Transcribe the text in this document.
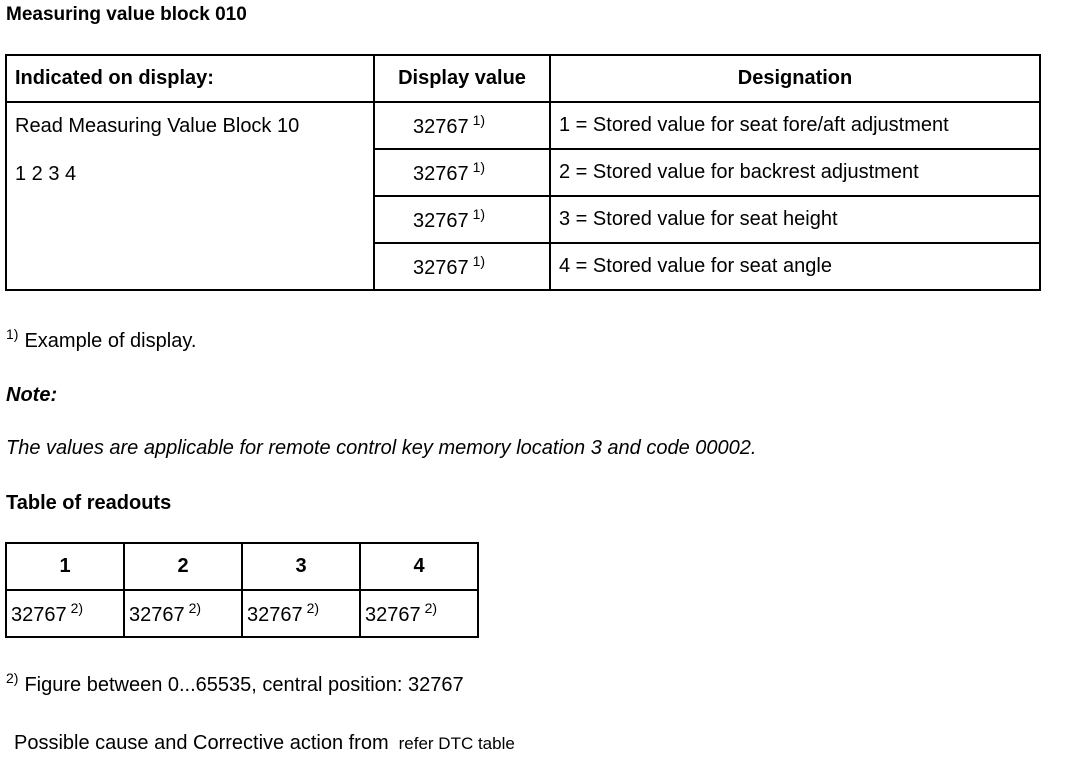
Measuring value block 010
Indicated on display:	Display value	Designation

Read Measuring Value Block 10
1 2 3 4	32767 $^{1)}$	1 = Stored value for seat fore/aft adjustment
	32767 $^{1)}$	2 = Stored value for backrest adjustment
	32767 $^{1)}$	3 = Stored value for seat height
	32767 $^{1)}$	4 = Stored value for seat angle

$^{1)}$ Example of display.

Note:

The values are applicable for remote control key memory location 3 and code 00002.

Table of readouts

1	2	3	4
32767 $^{2)}$	32767 $^{2)}$	32767 $^{2)}$	32767 $^{2)}$

$^{2)}$ Figure between 0...65535, central position: 32767

Possible cause and Corrective action from refer DTC table
